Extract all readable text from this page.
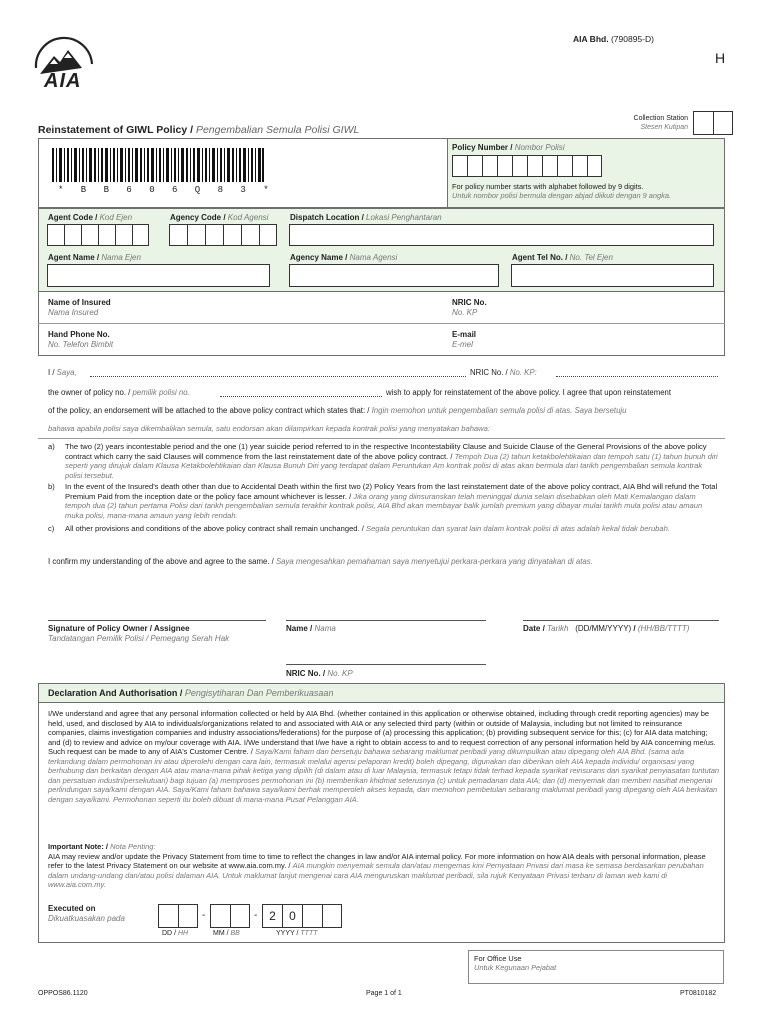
AIA
AIA Bhd. (790895-D)
H
Collection Station
Stesen Kutipan
Reinstatement of GIWL Policy / Pengembalian Semula Polisi GIWL
* B B 6 0 6 Q 8 3 *
Policy Number / Nombor Polisi
For policy number starts with alphabet followed by 9 digits.
Untuk nombor polisi bermula dengan abjad diikuti dengan 9 angka.
Agent Code / Kod Ejen	Agency Code / Kod Agensi	Dispatch Location / Lokasi Penghantaran
Agent Name / Nama Ejen	Agency Name / Nama Agensi	Agent Tel No. / No. Tel Ejen
Name of Insured
Nama Insured
NRIC No.
No. KP
Hand Phone No.
No. Telefon Bimbit
E-mail
E-mel
I / Saya,	NRIC No. / No. KP:
the owner of policy no. / pemilik polisi no.	wish to apply for reinstatement of the above policy. I agree that upon reinstatement
of the policy, an endorsement will be attached to the above policy contract which states that: / Ingin memohon untuk pengembalian semula polisi di atas. Saya bersetuju
bahawa apabila polisi saya dikembalikan semula, satu endorsan akan dilampirkan kepada kontrak polisi yang menyatakan bahawa:
a)	The two (2) years incontestable period and the one (1) year suicide period referred to in the respective Incontestability Clause and Suicide Clause of the General Provisions of the above policy contract which carry the said Clauses will commence from the last reinstatement date of the above policy contract. / Tempoh Dua (2) tahun ketakbolehtikaian dan tempoh satu (1) tahun bunuh diri seperti yang dirujuk dalam Klausa Ketakbolehtikaian dan Klausa Bunuh Diri yang terdapat dalam Peruntukan Am kontrak polisi di atas akan bermula dari tarikh pengembalian semula kontrak polisi tersebut.

b)	In the event of the Insured's death other than due to Accidental Death within the first two (2) Policy Years from the last reinstatement date of the above policy contract, AIA Bhd will refund the Total Premium Paid from the inception date or the policy face amount whichever is lesser. / Jika orang yang diinsuranskan telah meninggal dunia selain disebabkan oleh Mati Kemalangan dalam tempoh dua (2) tahun pertama Polisi dari tarikh pengembalian semula terakhir kontrak polisi, AIA Bhd akan membayar balik jumlah premium yang dibayar mulai tarikh mula polisi atau amaun muka polisi, mana-mana amaun yang lebih rendah.

c)	All other provisions and conditions of the above policy contract shall remain unchanged. / Segala peruntukan dan syarat lain dalam kontrak polisi di atas adalah kekal tidak berubah.

I confirm my understanding of the above and agree to the same. / Saya mengesahkan pemahaman saya menyetujui perkara-perkara yang dinyatakan di atas.
Signature of Policy Owner / Assignee
Tandatangan Pemilik Polisi / Pemegang Serah Hak
Name / Nama	Date / Tarikh (DD/MM/YYYY) / (HH/BB/TTTT)
NRIC No. / No. KP
Declaration And Authorisation / Pengisytiharan Dan Pemberikuasaan

I/We understand and agree that any personal information collected or held by AIA Bhd. (whether contained in this application or otherwise obtained, including through credit reporting agencies) may be held, used, and disclosed by AIA to individuals/organizations related to and associated with AIA or any selected third party (within or outside of Malaysia, including but not limited to reinsurance companies, claims investigation companies and industry associations/federations) for the purpose of (a) processing this application; (b) providing subsequent service for this; (c) for AIA data matching; and (d) to review and advice on my/our coverage with AIA. I/We understand that I/we have a right to obtain access to and to request correction of any personal information held by AIA concerning me/us. Such request can be made to any of AIA's Customer Centre. / Saya/Kami faham dan bersetuju bahawa sebarang maklumat peribadi yang dikumpulkan atau dipegang oleh AIA Bhd. (sama ada terkandung dalam permohonan ini atau diperolehi dengan cara lain, termasuk melalui agensi pelaporan kredit) boleh dipegang, digunakan dan diberikan oleh AIA kepada individu/ organisasi yang berhubung dan berkaitan dengan AIA atau mana-mana pihak ketiga yang dipilih (di dalam atau di luar Malaysia, termasuk tetapi tidak terhad kepada syarikat reinsurans dan syarikat penyiasatan tuntutan dan persatuan industri/persekutuan) bagi tujuan (a) memproses permohonan ini (b) memberikan khidmat seterusnya (c) untuk pemadanan data AIA; dan (d) menyemak dan memberi nasihat mengenai perlindungan saya/kami dengan AIA. Saya/Kami faham bahawa saya/kami berhak memperoleh akses kepada, dan memohon pembetulan sebarang maklumat peribadi yang dipegang oleh AIA berkaitan dengan saya/kami. Permohonan seperti itu boleh dibuat di mana-mana Pusat Pelanggan AIA.

Important Note: / Nota Penting:

AIA may review and/or update the Privacy Statement from time to time to reflect the changes in law and/or AIA internal policy. For more information on how AIA deals with personal information, please refer to the latest Privacy Statement on our website at www.aia.com.my. / AIA mungkin menyemak semula dan/atau mengemas kini Pernyataan Privasi dari masa ke semasa berdasarkan perubahan dalam undang-undang dan/atau polisi dalaman AIA. Untuk maklumat lanjut mengenai cara AIA menguruskan maklumat peribadi, sila rujuk Kenyataan Privasi terbaru di laman web kami di www.aia.com.my.

Executed on
Dikuatkuasakan pada	-	- 2	0
DD / HH	MM / BB	YYYY / TTTT
For Office Use
Untuk Kegunaan Pejabat
OPPOS86.1120	Page 1 of 1	PT0810182
